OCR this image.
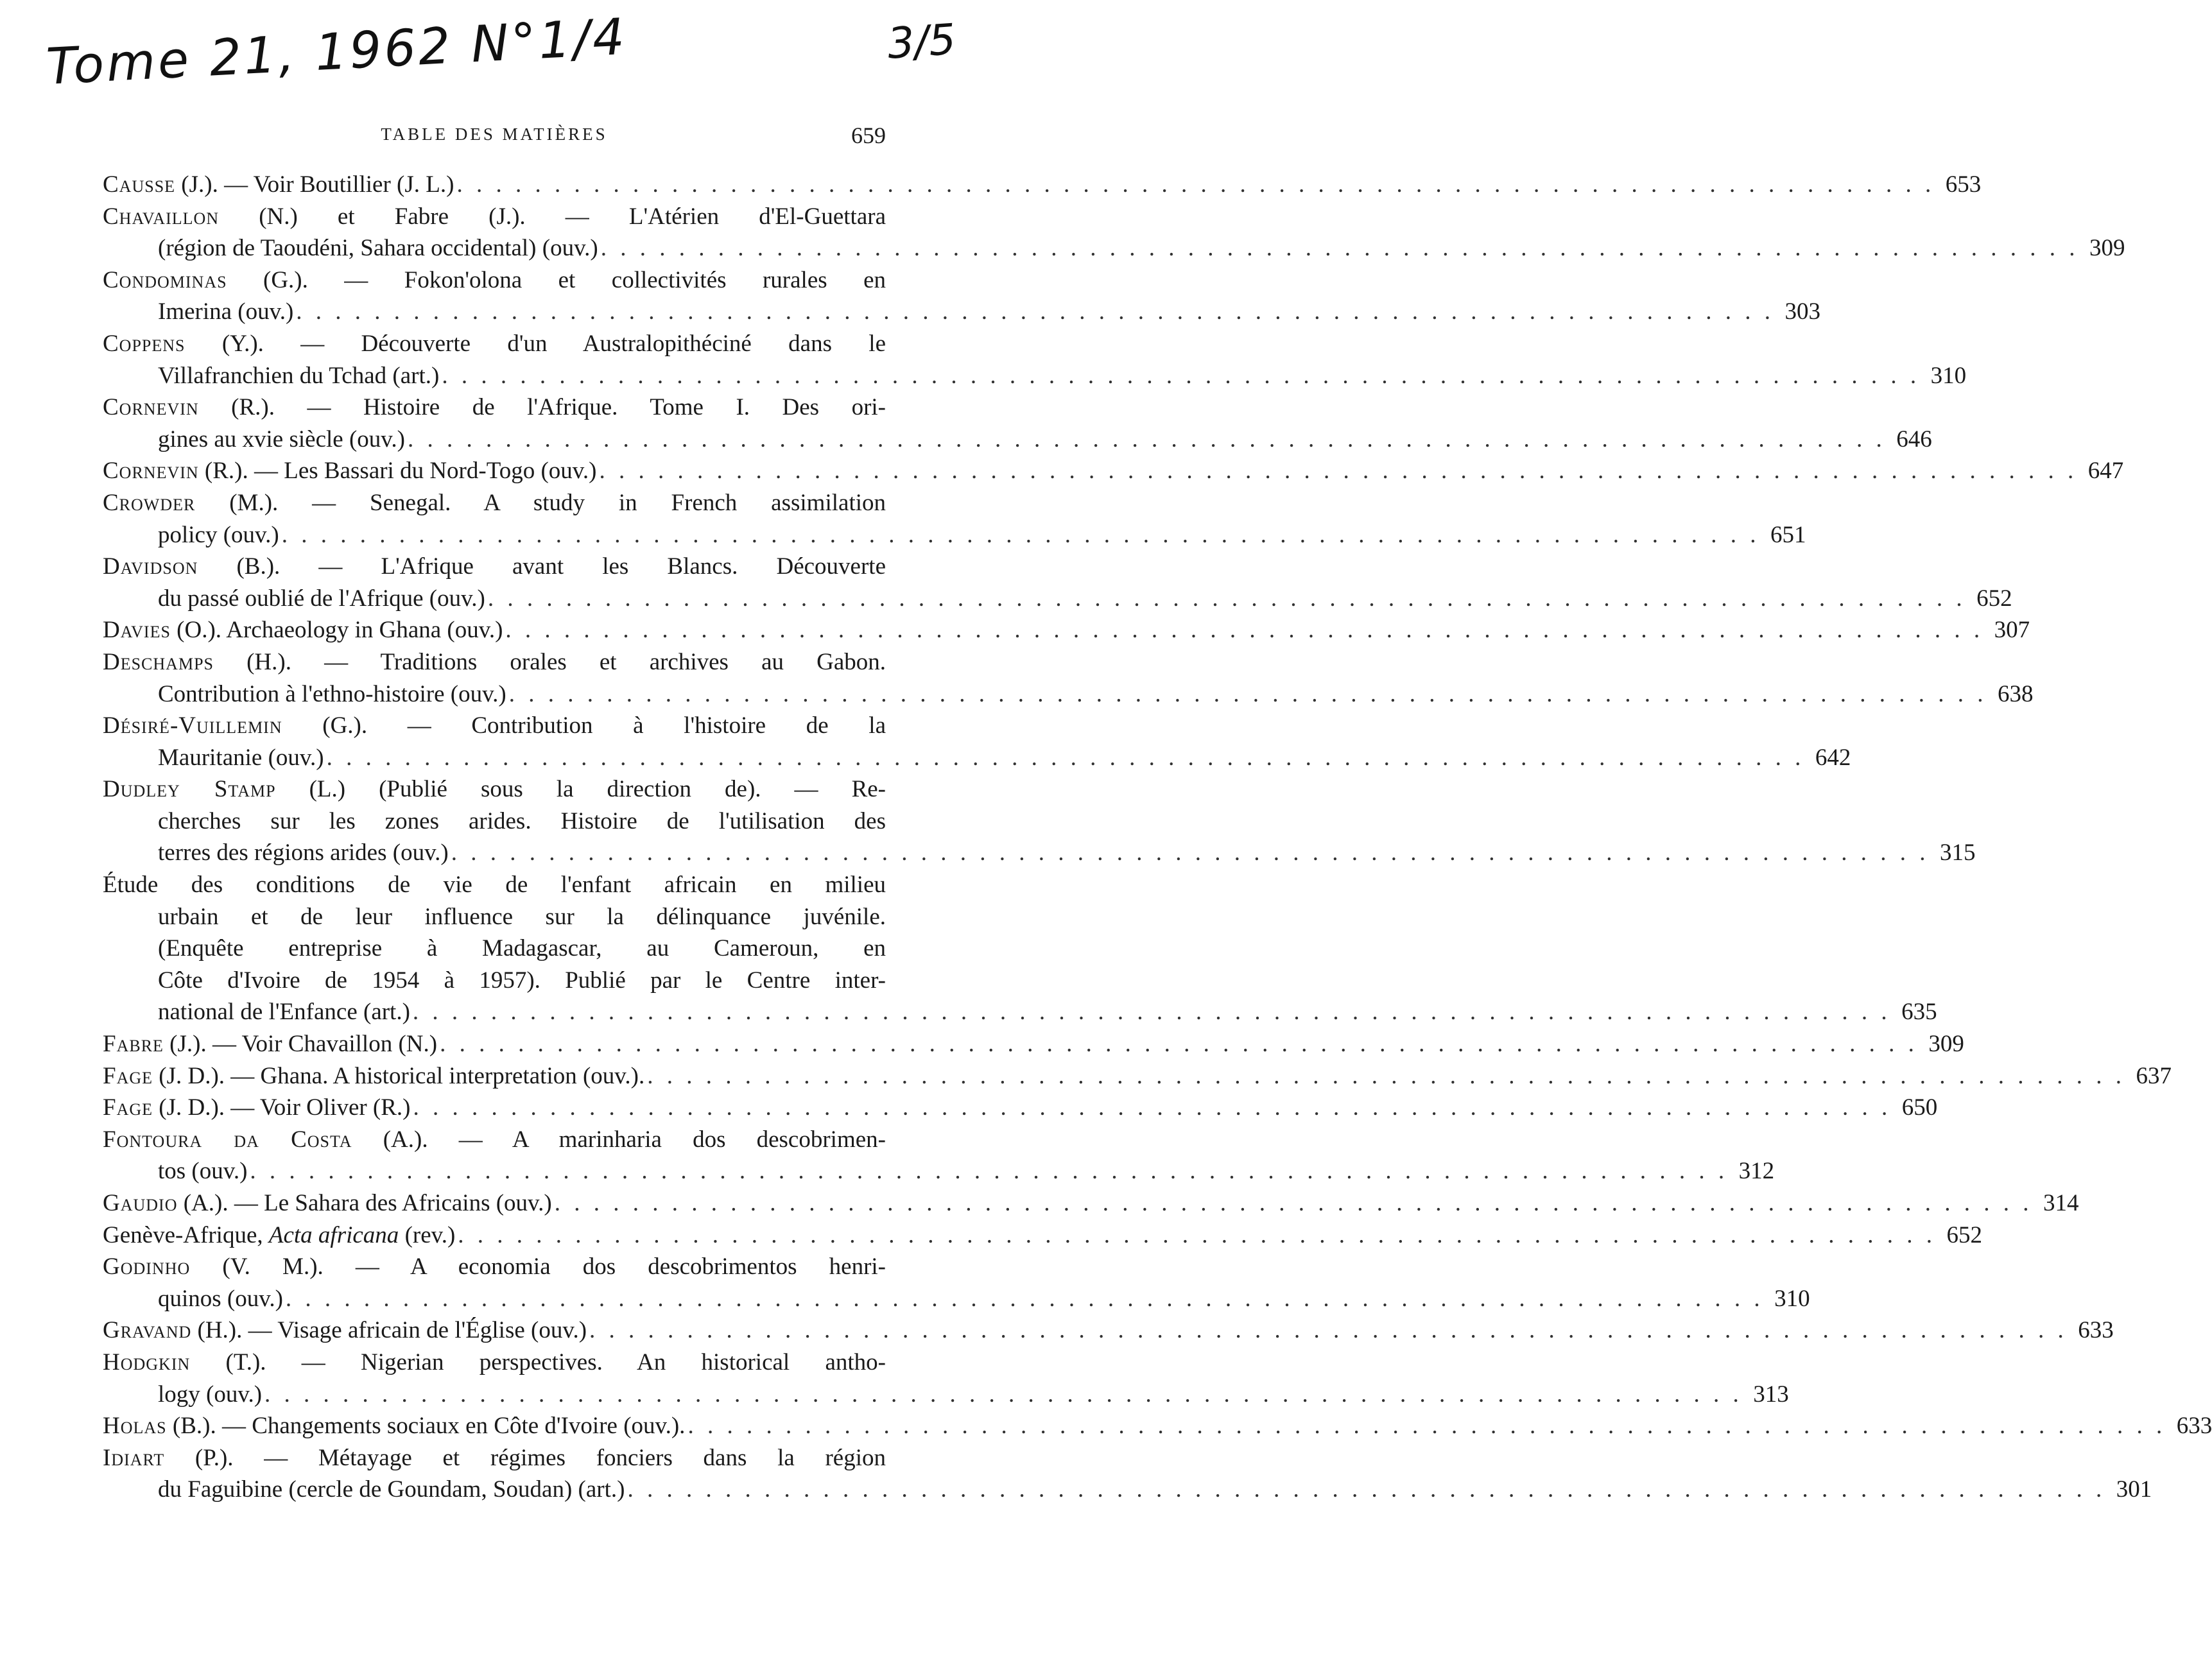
Tome 21, 1962 N°1/4	3/5
TABLE DES MATIÈRES	659
Causse (J.). — Voir Boutillier (J. L.) . . . . . . . . . . . . . . . . . . . . . . . . . . . . . . . . . . . . . . . . . . . . . . . . . . . . . . . . . . . . . . . . . . . . . . . . . . . . 653
Chavaillon (N.) et Fabre (J.). — L'Atérien d'El-Guettara
(région de Taoudéni, Sahara occidental) (ouv.) . . . . . . . . . . . . . . . . . . . . . . . . . . . . . . . . . . . . . . . . . . . . . . . . . . . . . . . . . . . . . . . . . . . . . . . . . . . . 309
Condominas (G.). — Fokon'olona et collectivités rurales en
Imerina (ouv.) . . . . . . . . . . . . . . . . . . . . . . . . . . . . . . . . . . . . . . . . . . . . . . . . . . . . . . . . . . . . . . . . . . . . . . . . . . . . 303
Coppens (Y.). — Découverte d'un Australopithéciné dans le
Villafranchien du Tchad (art.) . . . . . . . . . . . . . . . . . . . . . . . . . . . . . . . . . . . . . . . . . . . . . . . . . . . . . . . . . . . . . . . . . . . . . . . . . . . . 310
Cornevin (R.). — Histoire de l'Afrique. Tome I. Des ori-
gines au xvie siècle (ouv.) . . . . . . . . . . . . . . . . . . . . . . . . . . . . . . . . . . . . . . . . . . . . . . . . . . . . . . . . . . . . . . . . . . . . . . . . . . . . 646
Cornevin (R.). — Les Bassari du Nord-Togo (ouv.) . . . . . . . . . . . . . . . . . . . . . . . . . . . . . . . . . . . . . . . . . . . . . . . . . . . . . . . . . . . . . . . . . . . . . . . . . . . . 647
Crowder (M.). — Senegal. A study in French assimilation
policy (ouv.) . . . . . . . . . . . . . . . . . . . . . . . . . . . . . . . . . . . . . . . . . . . . . . . . . . . . . . . . . . . . . . . . . . . . . . . . . . . . 651
Davidson (B.). — L'Afrique avant les Blancs. Découverte
du passé oublié de l'Afrique (ouv.) . . . . . . . . . . . . . . . . . . . . . . . . . . . . . . . . . . . . . . . . . . . . . . . . . . . . . . . . . . . . . . . . . . . . . . . . . . . . 652
Davies (O.). Archaeology in Ghana (ouv.) . . . . . . . . . . . . . . . . . . . . . . . . . . . . . . . . . . . . . . . . . . . . . . . . . . . . . . . . . . . . . . . . . . . . . . . . . . . . 307
Deschamps (H.). — Traditions orales et archives au Gabon.
Contribution à l'ethno-histoire (ouv.) . . . . . . . . . . . . . . . . . . . . . . . . . . . . . . . . . . . . . . . . . . . . . . . . . . . . . . . . . . . . . . . . . . . . . . . . . . . . 638
Désiré-Vuillemin (G.). — Contribution à l'histoire de la
Mauritanie (ouv.) . . . . . . . . . . . . . . . . . . . . . . . . . . . . . . . . . . . . . . . . . . . . . . . . . . . . . . . . . . . . . . . . . . . . . . . . . . . . 642
Dudley Stamp (L.) (Publié sous la direction de). — Re-
cherches sur les zones arides. Histoire de l'utilisation des
terres des régions arides (ouv.) . . . . . . . . . . . . . . . . . . . . . . . . . . . . . . . . . . . . . . . . . . . . . . . . . . . . . . . . . . . . . . . . . . . . . . . . . . . . 315
Étude des conditions de vie de l'enfant africain en milieu
urbain et de leur influence sur la délinquance juvénile.
(Enquête entreprise à Madagascar, au Cameroun, en
Côte d'Ivoire de 1954 à 1957). Publié par le Centre inter-
national de l'Enfance (art.) . . . . . . . . . . . . . . . . . . . . . . . . . . . . . . . . . . . . . . . . . . . . . . . . . . . . . . . . . . . . . . . . . . . . . . . . . . . . 635
Fabre (J.). — Voir Chavaillon (N.) . . . . . . . . . . . . . . . . . . . . . . . . . . . . . . . . . . . . . . . . . . . . . . . . . . . . . . . . . . . . . . . . . . . . . . . . . . . . 309
Fage (J. D.). — Ghana. A historical interpretation (ouv.). . . . . . . . . . . . . . . . . . . . . . . . . . . . . . . . . . . . . . . . . . . . . . . . . . . . . . . . . . . . . . . . . . . . . . . . . . . . . 637
Fage (J. D.). — Voir Oliver (R.) . . . . . . . . . . . . . . . . . . . . . . . . . . . . . . . . . . . . . . . . . . . . . . . . . . . . . . . . . . . . . . . . . . . . . . . . . . . . 650
Fontoura da Costa (A.). — A marinharia dos descobrimen-
tos (ouv.) . . . . . . . . . . . . . . . . . . . . . . . . . . . . . . . . . . . . . . . . . . . . . . . . . . . . . . . . . . . . . . . . . . . . . . . . . . . . 312
Gaudio (A.). — Le Sahara des Africains (ouv.) . . . . . . . . . . . . . . . . . . . . . . . . . . . . . . . . . . . . . . . . . . . . . . . . . . . . . . . . . . . . . . . . . . . . . . . . . . . . 314
Genève-Afrique, Acta africana (rev.) . . . . . . . . . . . . . . . . . . . . . . . . . . . . . . . . . . . . . . . . . . . . . . . . . . . . . . . . . . . . . . . . . . . . . . . . . . . . 652
Godinho (V. M.). — A economia dos descobrimentos henri-
quinos (ouv.) . . . . . . . . . . . . . . . . . . . . . . . . . . . . . . . . . . . . . . . . . . . . . . . . . . . . . . . . . . . . . . . . . . . . . . . . . . . . 310
Gravand (H.). — Visage africain de l'Église (ouv.) . . . . . . . . . . . . . . . . . . . . . . . . . . . . . . . . . . . . . . . . . . . . . . . . . . . . . . . . . . . . . . . . . . . . . . . . . . . . 633
Hodgkin (T.). — Nigerian perspectives. An historical antho-
logy (ouv.) . . . . . . . . . . . . . . . . . . . . . . . . . . . . . . . . . . . . . . . . . . . . . . . . . . . . . . . . . . . . . . . . . . . . . . . . . . . . 313
Holas (B.). — Changements sociaux en Côte d'Ivoire (ouv.). . . . . . . . . . . . . . . . . . . . . . . . . . . . . . . . . . . . . . . . . . . . . . . . . . . . . . . . . . . . . . . . . . . . . . . . . . . . . 633
Idiart (P.). — Métayage et régimes fonciers dans la région
du Faguibine (cercle de Goundam, Soudan) (art.) . . . . . . . . . . . . . . . . . . . . . . . . . . . . . . . . . . . . . . . . . . . . . . . . . . . . . . . . . . . . . . . . . . . . . . . . . . . . 301
